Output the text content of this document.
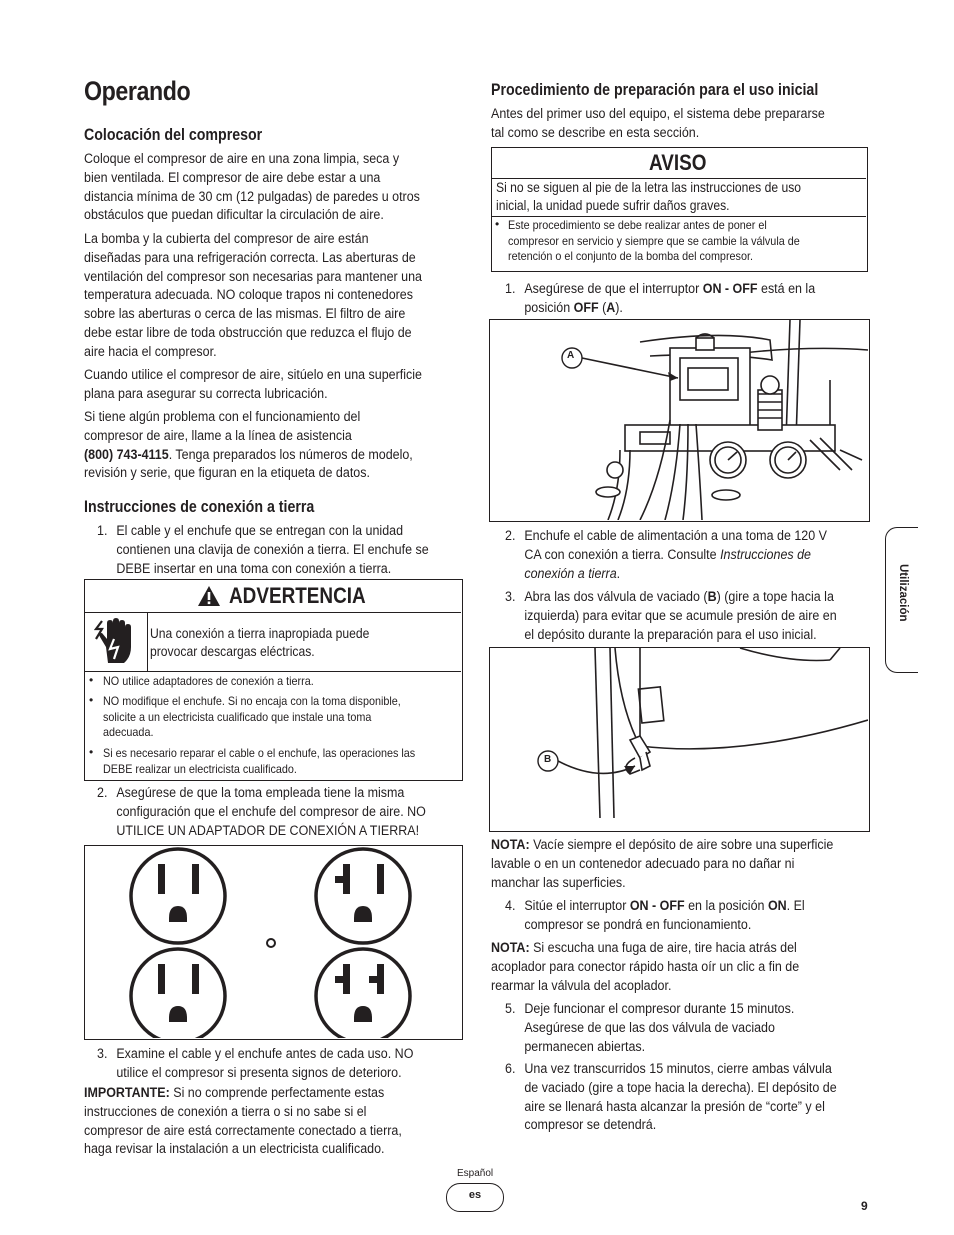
Operando
Colocación del compresor
Coloque el compresor de aire en una zona limpia, seca y
bien ventilada. El compresor de aire debe estar a una
distancia mínima de 30 cm (12 pulgadas) de paredes u otros
obstáculos que puedan dificultar la circulación de aire.
La bomba y la cubierta del compresor de aire están
diseñadas para una refrigeración correcta. Las aberturas de
ventilación del compresor son necesarias para mantener una
temperatura adecuada. NO coloque trapos ni contenedores
sobre las aberturas o cerca de las mismas. El filtro de aire
debe estar libre de toda obstrucción que reduzca el flujo de
aire hacia el compresor.
Cuando utilice el compresor de aire, sitúelo en una superficie
plana para asegurar su correcta lubricación.
Si tiene algún problema con el funcionamiento del
compresor de aire, llame a la línea de asistencia
(800) 743-4115. Tenga preparados los números de modelo,
revisión y serie, que figuran en la etiqueta de datos.
Instrucciones de conexión a tierra
1. El cable y el enchufe que se entregan con la unidad
contienen una clavija de conexión a tierra. El enchufe se
DEBE insertar en una toma con conexión a tierra.
ADVERTENCIA
Una conexión a tierra inapropiada puede
provocar descargas eléctricas.
• NO utilice adaptadores de conexión a tierra.
• NO modifique el enchufe. Si no encaja con la toma disponible,
solicite a un electricista cualificado que instale una toma
adecuada.
• Si es necesario reparar el cable o el enchufe, las operaciones las
DEBE realizar un electricista cualificado.
2. Asegúrese de que la toma empleada tiene la misma
configuración que el enchufe del compresor de aire. NO
UTILICE UN ADAPTADOR DE CONEXIÓN A TIERRA!
3. Examine el cable y el enchufe antes de cada uso. NO
utilice el compresor si presenta signos de deterioro.
IMPORTANTE: Si no comprende perfectamente estas
instrucciones de conexión a tierra o si no sabe si el
compresor de aire está correctamente conectado a tierra,
haga revisar la instalación a un electricista cualificado.
Procedimiento de preparación para el uso inicial
Antes del primer uso del equipo, el sistema debe prepararse
tal como se describe en esta sección.
AVISO
Si no se siguen al pie de la letra las instrucciones de uso
inicial, la unidad puede sufrir daños graves.
• Este procedimiento se debe realizar antes de poner el
compresor en servicio y siempre que se cambie la válvula de
retención o el conjunto de la bomba del compresor.
1. Asegúrese de que el interruptor ON - OFF está en la
posición OFF (A).
A
2. Enchufe el cable de alimentación a una toma de 120 V
CA con conexión a tierra. Consulte Instrucciones de
conexión a tierra.
3. Abra las dos válvula de vaciado (B) (gire a tope hacia la
izquierda) para evitar que se acumule presión de aire en
el depósito durante la preparación para el uso inicial.
B
NOTA: Vacíe siempre el depósito de aire sobre una superficie
lavable o en un contenedor adecuado para no dañar ni
manchar las superficies.
4. Sitúe el interruptor ON - OFF en la posición ON. El
compresor se pondrá en funcionamiento.
NOTA: Si escucha una fuga de aire, tire hacia atrás del
acoplador para conector rápido hasta oír un clic a fin de
rearmar la válvula del acoplador.
5. Deje funcionar el compresor durante 15 minutos.
Asegúrese de que las dos válvula de vaciado
permanecen abiertas.
6. Una vez transcurridos 15 minutos, cierre ambas válvula
de vaciado (gire a tope hacia la derecha). El depósito de
aire se llenará hasta alcanzar la presión de “corte” y el
compresor se detendrá.
Utilización
Español
es
9
